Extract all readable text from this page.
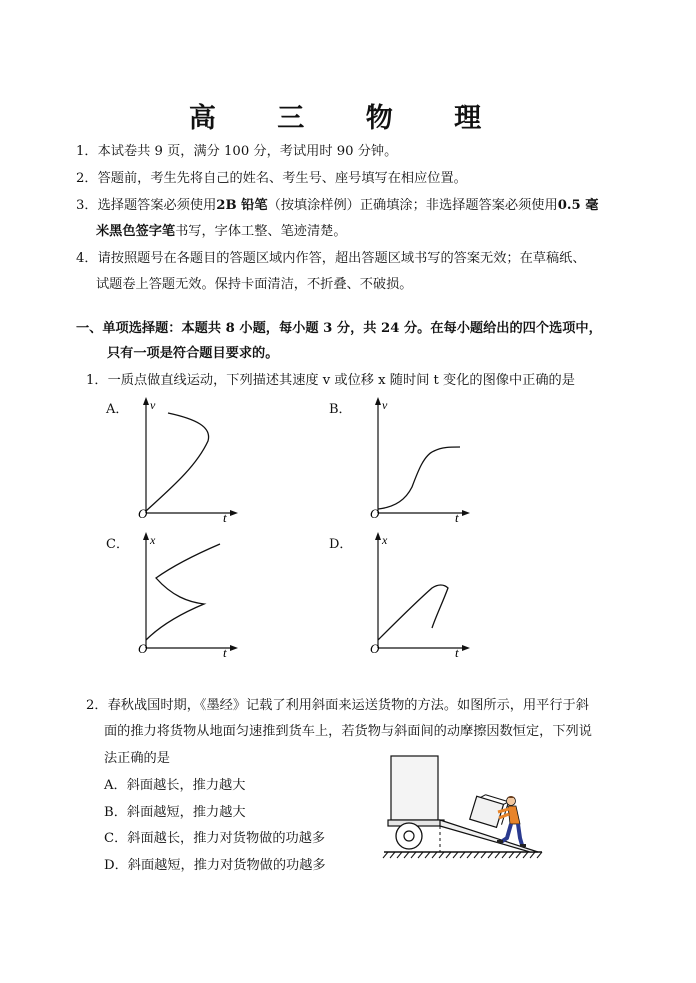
高 三 物 理
1．本试卷共 9 页，满分 100 分，考试用时 90 分钟。
2．答题前，考生先将自己的姓名、考生号、座号填写在相应位置。
3．选择题答案必须使用2B 铅笔（按填涂样例）正确填涂；非选择题答案必须使用0.5 毫
米黑色签字笔书写，字体工整、笔迹清楚。
4．请按照题号在各题目的答题区域内作答，超出答题区域书写的答案无效；在草稿纸、
试题卷上答题无效。保持卡面清洁，不折叠、不破损。
一、单项选择题：本题共 8 小题，每小题 3 分，共 24 分。在每小题给出的四个选项中，
只有一项是符合题目要求的。
1．一质点做直线运动，下列描述其速度 v 或位移 x 随时间 t 变化的图像中正确的是
A． v
t
O
B．	v
t
O
C． x
t
O
D． x
t
O
2．春秋战国时期，《墨经》记载了利用斜面来运送货物的方法。如图所示，用平行于斜
面的推力将货物从地面匀速推到货车上，若货物与斜面间的动摩擦因数恒定，下列说
法正确的是
A．斜面越长，推力越大
B．斜面越短，推力越大
C．斜面越长，推力对货物做的功越多
D．斜面越短，推力对货物做的功越多
